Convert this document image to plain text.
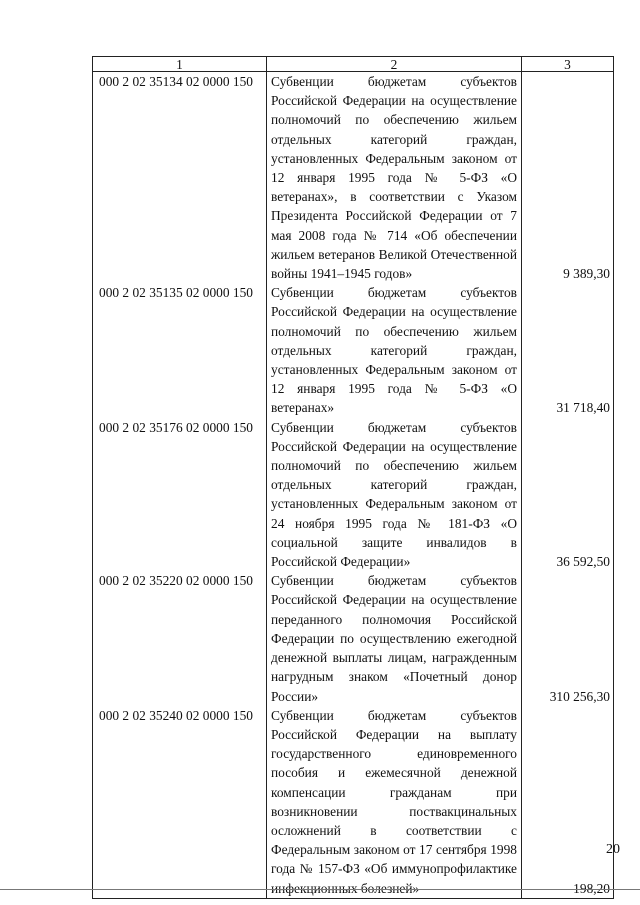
1	2	3
000 2 02 35134 02 0000 150	Субвенции бюджетам субъектов Российской Федерации на осуществление полномочий по обеспечению жильем отдельных категорий граждан, установленных Федеральным законом от 12 января 1995 года № 5-ФЗ «О ветеранах», в соответствии с Указом Президента Российской Федерации от 7 мая 2008 года № 714 «Об обеспечении жильем ветеранов Великой Отечественной войны 1941–1945 годов»	9 389,30
000 2 02 35135 02 0000 150	Субвенции бюджетам субъектов Российской Федерации на осуществление полномочий по обеспечению жильем отдельных категорий граждан, установленных Федеральным законом от 12 января 1995 года № 5-ФЗ «О ветеранах»	31 718,40
000 2 02 35176 02 0000 150	Субвенции бюджетам субъектов Российской Федерации на осуществление полномочий по обеспечению жильем отдельных категорий граждан, установленных Федеральным законом от 24 ноября 1995 года № 181-ФЗ «О социальной защите инвалидов в Российской Федерации»	36 592,50
000 2 02 35220 02 0000 150	Субвенции бюджетам субъектов Российской Федерации на осуществление переданного полномочия Российской Федерации по осуществлению ежегодной денежной выплаты лицам, награжденным нагрудным знаком «Почетный донор России»	310 256,30
000 2 02 35240 02 0000 150	Субвенции бюджетам субъектов Российской Федерации на выплату государственного единовременного пособия и ежемесячной денежной компенсации гражданам при возникновении поствакцинальных осложнений в соответствии с Федеральным законом от 17 сентября 1998 года № 157-ФЗ «Об иммунопрофилактике инфекционных болезней»	198,20
20
